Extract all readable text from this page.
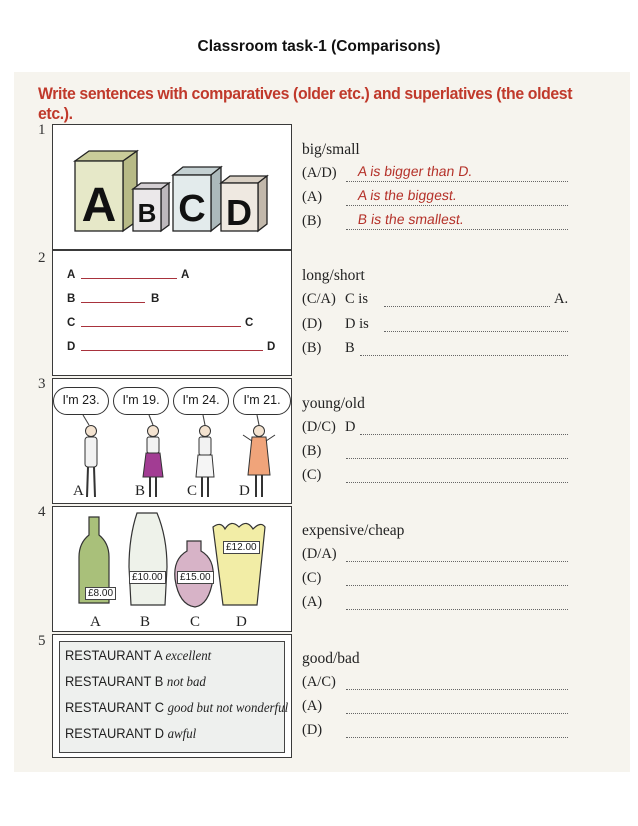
Classroom task-1 (Comparisons)
Write sentences with comparatives (older etc.) and superlatives (the oldest etc.).
1
A B C D
big/small
(A/D) A is bigger than D.
(A) A is the biggest.
(B)	B is the smallest.
2
A	A
B	B
C	C
D	D
long/short
(C/A) C is	A.
(D) D is
(B) B
3
I'm 23.	I'm 19.	I'm 24.	I'm 21.
A	B	C	D
young/old
(D/C) D
(B)
(C)
4
£8.00
£10.00	£15.00
£12.00
A	B	C D
expensive/cheap
(D/A)
(C)
(A)
5
RESTAURANT A excellent
RESTAURANT B not bad
RESTAURANT C good but not wonderful
RESTAURANT D awful
good/bad
(A/C)
(A)
(D)
